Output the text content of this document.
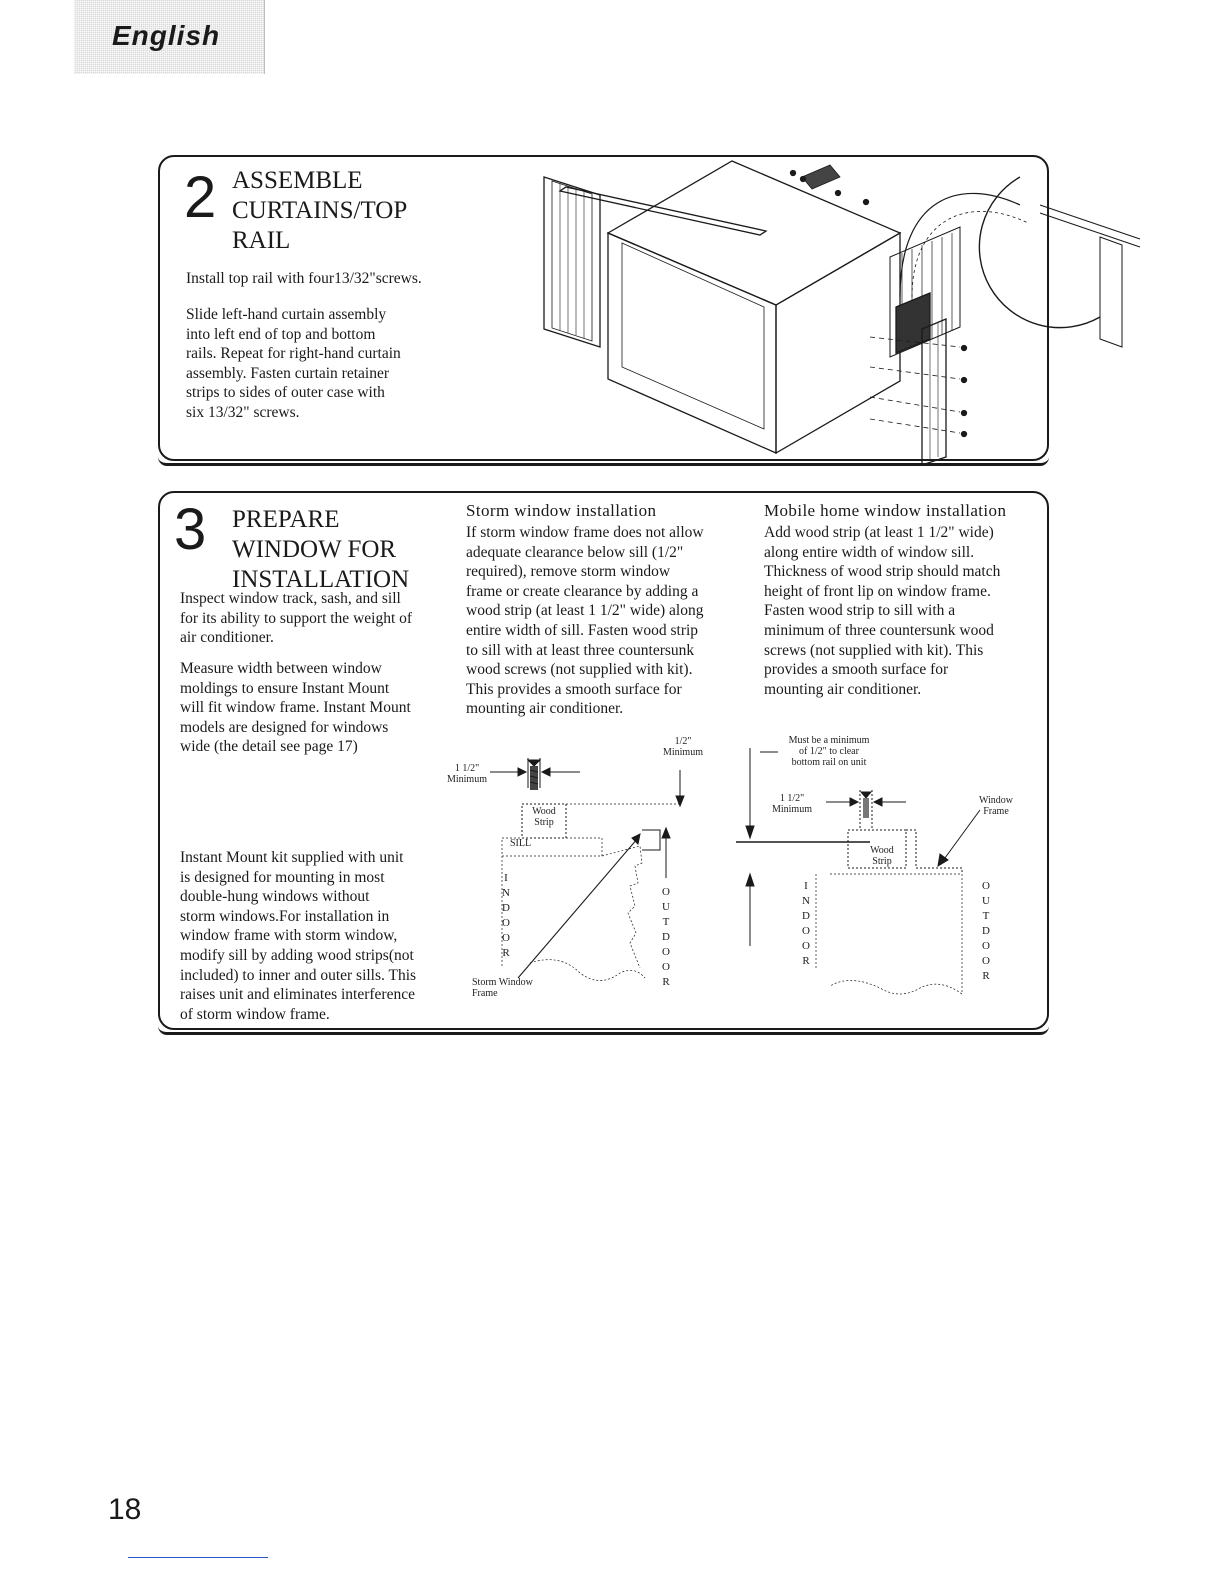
English
2 ASSEMBLE
CURTAINS/TOP
RAIL

Install top rail with four13/32"screws.

Slide left-hand curtain assembly
into left end of top and bottom
rails. Repeat for right-hand curtain
assembly. Fasten curtain retainer
strips to sides of outer case with
six 13/32" screws.
3 PREPARE
WINDOW FOR
INSTALLATION
Inspect window track, sash, and sill
for its ability to support the weight of
air conditioner.
Measure width between window
moldings to ensure Instant Mount
will fit window frame. Instant Mount
models are designed for windows
wide (the detail see page 17)
Instant Mount kit supplied with unit
is designed for mounting in most
double-hung windows without
storm windows.For installation in
window frame with storm window,
modify sill by adding wood strips(not
included) to inner and outer sills. This
raises unit and eliminates interference
of storm window frame.
Storm window installation
If storm window frame does not allow
adequate clearance below sill (1/2"
required), remove storm window
frame or create clearance by adding a
wood strip (at least 1 1/2" wide) along
entire width of sill. Fasten wood strip
to sill with at least three countersunk
wood screws (not supplied with kit).
This provides a smooth surface for
mounting air conditioner.
Mobile home window installation
Add wood strip (at least 1 1/2" wide)
along entire width of window sill.
Thickness of wood strip should match
height of front lip on window frame.
Fasten wood strip to sill with a
minimum of three countersunk wood
screws (not supplied with kit). This
provides a smooth surface for
mounting air conditioner.
1 1/2"
Minimum
1/2"
Minimum
Wood
Strip
SILL
I
N
D
O
O
R
O
U
T
D
O
O
R
Storm Window
Frame
Must be a minimum
of 1/2" to clear
bottom rail on unit
1 1/2"
Minimum
Window
Frame
Wood
Strip
I
N
D
O
O
R
O
U
T
D
O
O
R
18
